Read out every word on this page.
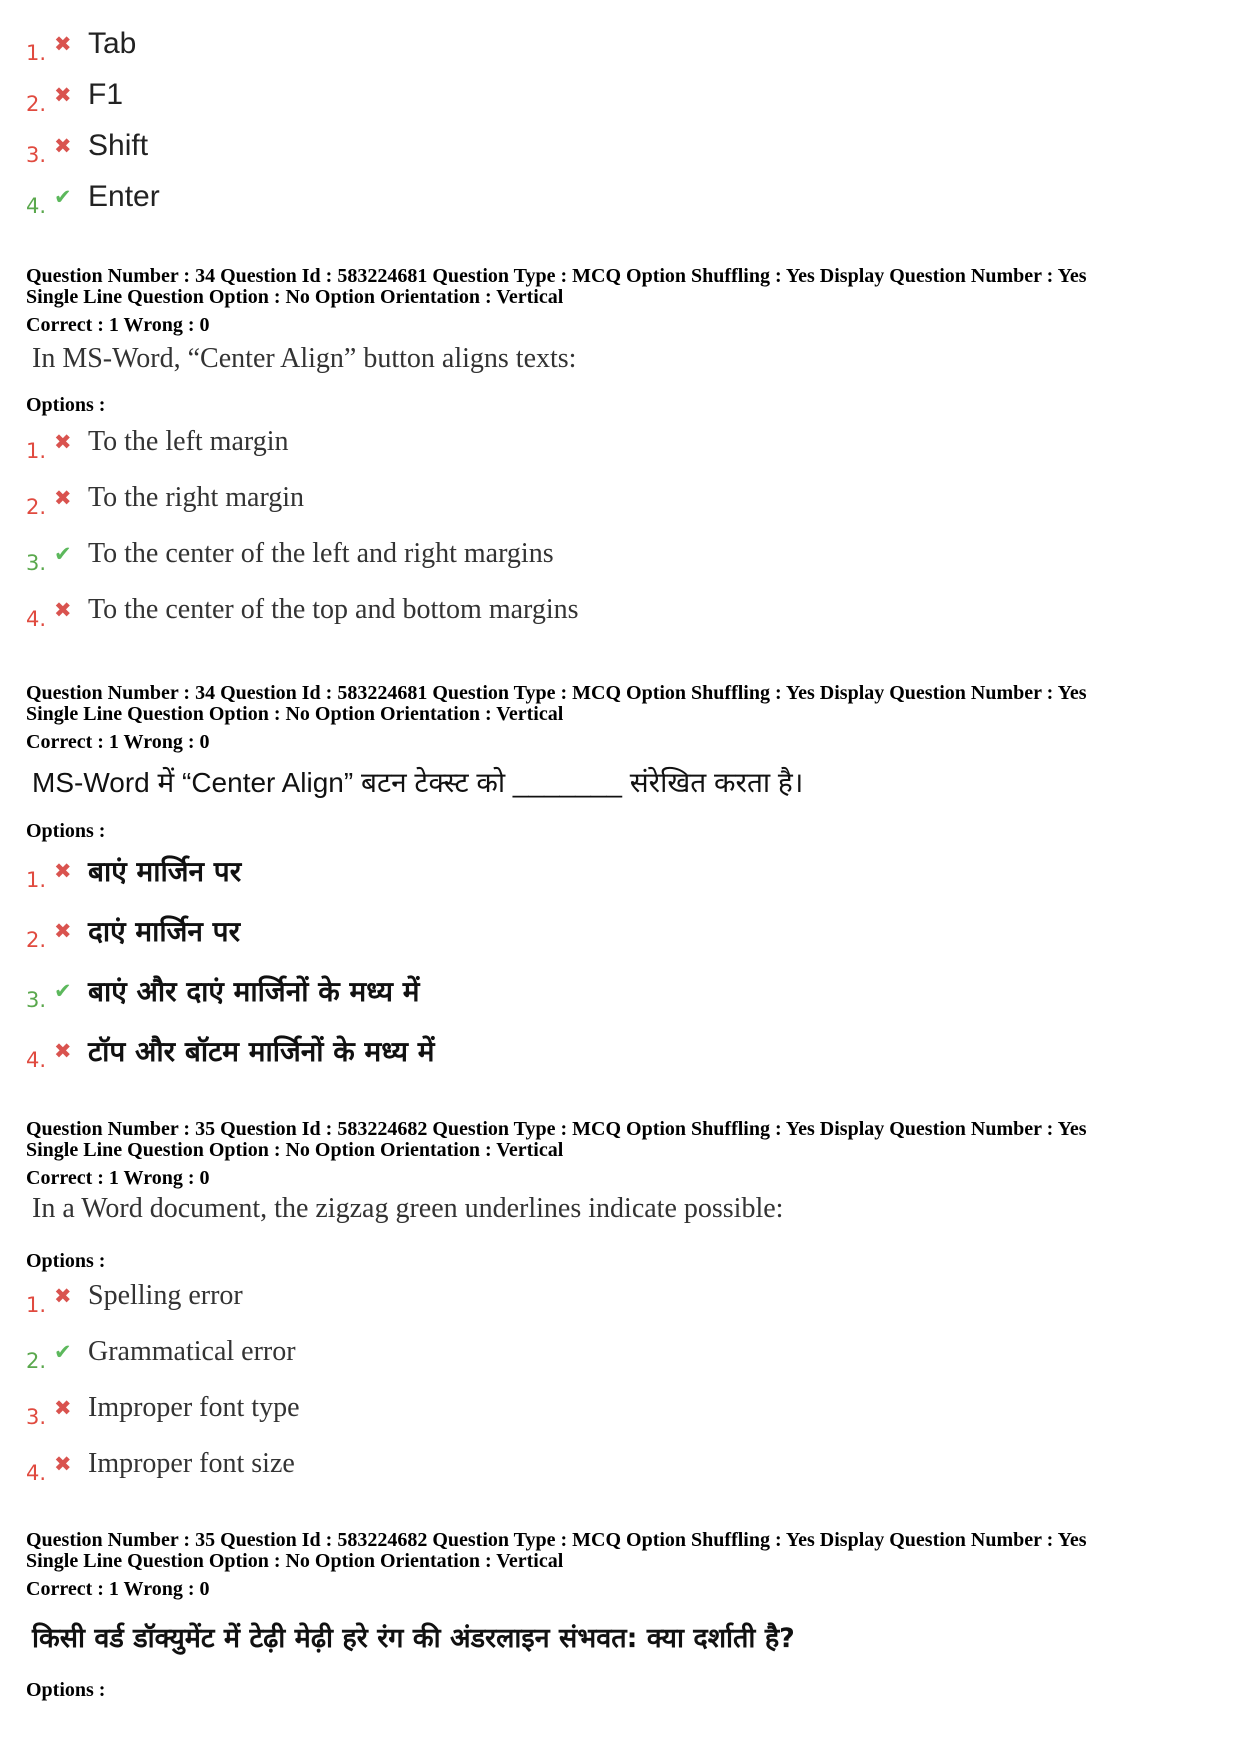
1. ✖ Tab
2. ✖ F1
3. ✖ Shift
4. ✔ Enter
Question Number : 34 Question Id : 583224681 Question Type : MCQ Option Shuffling : Yes Display Question Number : Yes
Single Line Question Option : No Option Orientation : Vertical
Correct : 1 Wrong : 0
In MS-Word, “Center Align” button aligns texts:
Options :
1. ✖ To the left margin
2. ✖ To the right margin
3. ✔ To the center of the left and right margins
4. ✖ To the center of the top and bottom margins
Question Number : 34 Question Id : 583224681 Question Type : MCQ Option Shuffling : Yes Display Question Number : Yes
Single Line Question Option : No Option Orientation : Vertical
Correct : 1 Wrong : 0
MS-Word में “Center Align” बटन टेक्स्ट को _______ संरेखित करता है।
Options :
1. ✖ बाएं मार्जिन पर
2. ✖ दाएं मार्जिन पर
3. ✔ बाएं और दाएं मार्जिनों के मध्य में
4. ✖ टॉप और बॉटम मार्जिनों के मध्य में
Question Number : 35 Question Id : 583224682 Question Type : MCQ Option Shuffling : Yes Display Question Number : Yes
Single Line Question Option : No Option Orientation : Vertical
Correct : 1 Wrong : 0
In a Word document, the zigzag green underlines indicate possible:
Options :
1. ✖ Spelling error
2. ✔ Grammatical error
3. ✖ Improper font type
4. ✖ Improper font size
Question Number : 35 Question Id : 583224682 Question Type : MCQ Option Shuffling : Yes Display Question Number : Yes
Single Line Question Option : No Option Orientation : Vertical
Correct : 1 Wrong : 0
किसी वर्ड डॉक्युमेंट में टेढ़ी मेढ़ी हरे रंग की अंडरलाइन संभवत: क्या दर्शाती है?
Options :
